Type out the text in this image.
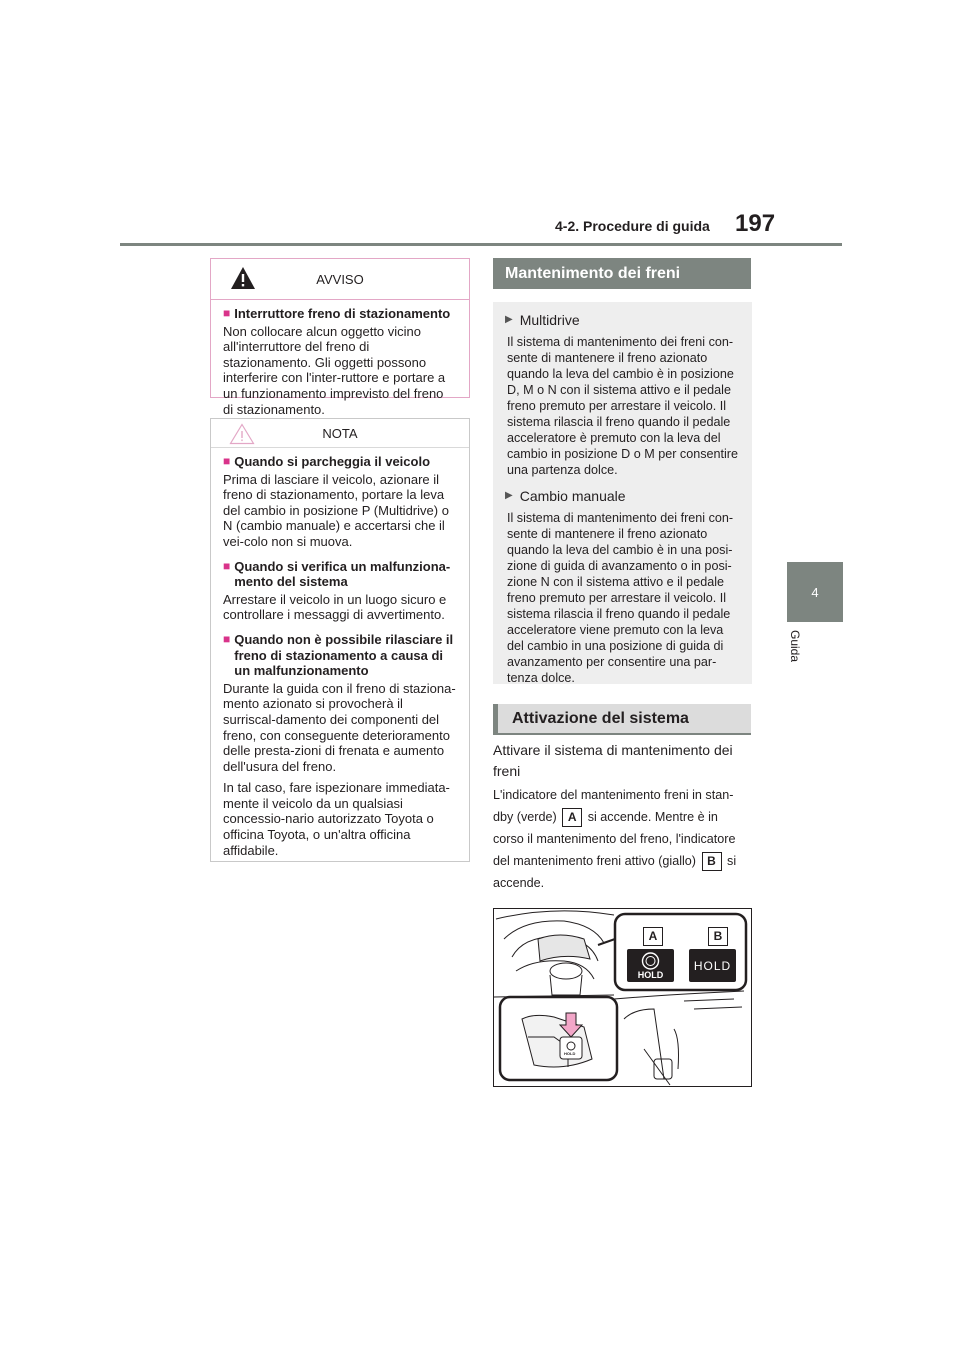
4-2. Procedure di guida 197
4
Guida
AVVISO
■ Interruttore freno di stazionamento

Non collocare alcun oggetto vicino all'interruttore del freno di stazionamento. Gli oggetti possono interferire con l'inter-ruttore e portare a un funzionamento imprevisto del freno di stazionamento.

NOTA
■ Quando si parcheggia il veicolo

Prima di lasciare il veicolo, azionare il freno di stazionamento, portare la leva del cambio in posizione P (Multidrive) o N (cambio manuale) e accertarsi che il vei-colo non si muova.

■ Quando si verifica un malfunziona-mento del sistema

Arrestare il veicolo in un luogo sicuro e controllare i messaggi di avvertimento.

■ Quando non è possibile rilasciare il freno di stazionamento a causa di un malfunzionamento

Durante la guida con il freno di staziona-mento azionato si provocherà il surriscal-damento dei componenti del freno, con conseguente deterioramento delle presta-zioni di frenata e aumento dell'usura del freno.

In tal caso, fare ispezionare immediata-mente il veicolo da un qualsiasi concessio-nario autorizzato Toyota o officina Toyota, o un'altra officina affidabile.

Mantenimento dei freni
▶ Multidrive

Il sistema di mantenimento dei freni con-sente di mantenere il freno azionato quando la leva del cambio è in posizione D, M o N con il sistema attivo e il pedale freno premuto per arrestare il veicolo. Il sistema rilascia il freno quando il pedale acceleratore è premuto con la leva del cambio in posizione D o M per consentire una partenza dolce.

▶ Cambio manuale

Il sistema di mantenimento dei freni con-sente di mantenere il freno azionato quando la leva del cambio è in una posi-zione di guida di avanzamento o in posi-zione N con il sistema attivo e il pedale freno premuto per arrestare il veicolo. Il sistema rilascia il freno quando il pedale acceleratore viene premuto con la leva del cambio in una posizione di guida di avanzamento per consentire una par-tenza dolce.

Attivazione del sistema
Attivare il sistema di mantenimento dei freni
L'indicatore del mantenimento freni in stan-dby (verde) A si accende. Mentre è in corso il mantenimento del freno, l'indicatore del mantenimento freni attivo (giallo) B si accende.
A	B
HOLD
HOLD
HOLD
